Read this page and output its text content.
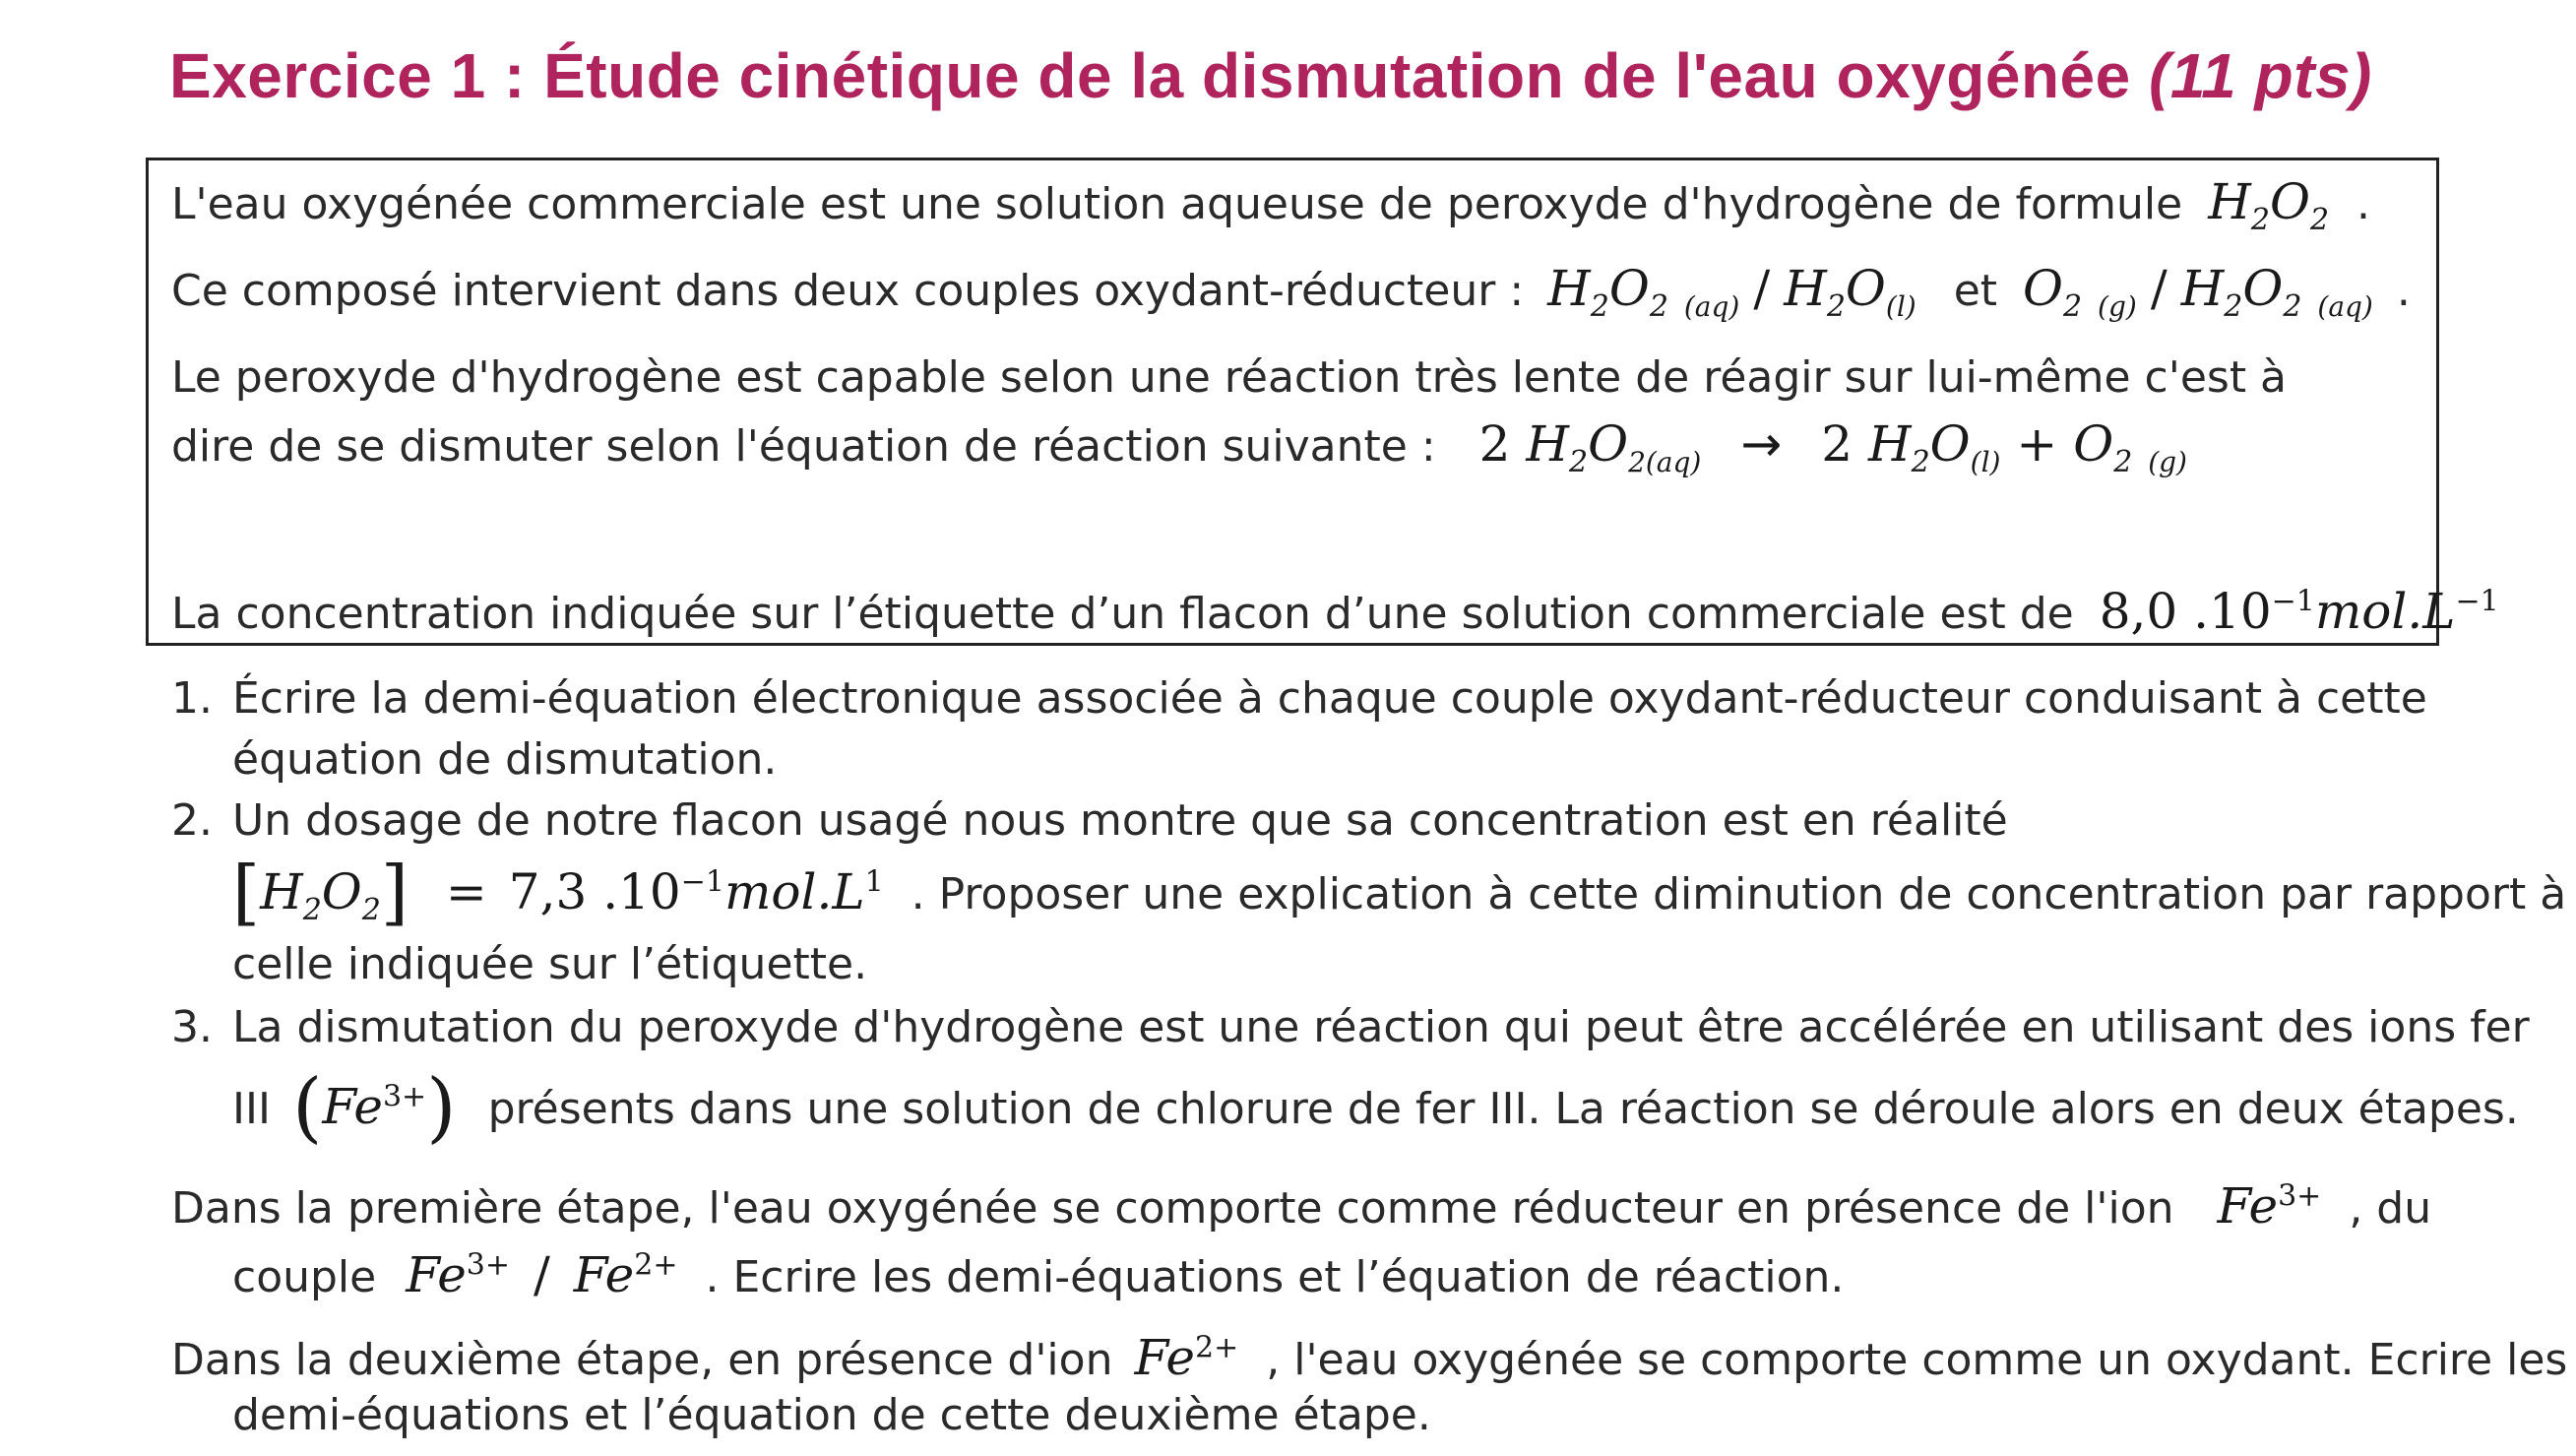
Exercice 1 : Étude cinétique de la dismutation de l'eau oxygénée (11 pts)
L'eau oxygénée commerciale est une solution aqueuse de peroxyde d'hydrogène de formule $H_2O_2$ .
Ce composé intervient dans deux couples oxydant-réducteur : $H_2O_2$ $_{(aq)} / H_2O_{(l)}$ et $O_2$ $_{(g)} / H_2O_2$ $_{(aq)}$ .
Le peroxyde d'hydrogène est capable selon une réaction très lente de réagir sur lui-même c'est à
dire de se dismuter selon l'équation de réaction suivante : 2 $H_2O_{2(aq)} \to 2$ $H_2O_{(l)} + O_2$ $_{(g)}$
La concentration indiquée sur l’étiquette d’un flacon d’une solution commerciale est de 8,0 $.10^{-1}mol.L^{-1}$
1. Écrire la demi-équation électronique associée à chaque couple oxydant-réducteur conduisant à cette
équation de dismutation.
2. Un dosage de notre flacon usagé nous montre que sa concentration est en réalité
$[H_2O_2] = 7,3$ $.10^{-1}mol.L^1$ . Proposer une explication à cette diminution de concentration par rapport à
celle indiquée sur l’étiquette.
3. La dismutation du peroxyde d'hydrogène est une réaction qui peut être accélérée en utilisant des ions fer
III $(Fe^{3+})$ présents dans une solution de chlorure de fer III. La réaction se déroule alors en deux étapes.
Dans la première étape, l'eau oxygénée se comporte comme réducteur en présence de l'ion $Fe^{3+}$ , du
couple $Fe^{3+} / Fe^{2+}$ . Ecrire les demi-équations et l’équation de réaction.
Dans la deuxième étape, en présence d'ion $Fe^{2+}$ , l'eau oxygénée se comporte comme un oxydant. Ecrire les
demi-équations et l’équation de cette deuxième étape.
